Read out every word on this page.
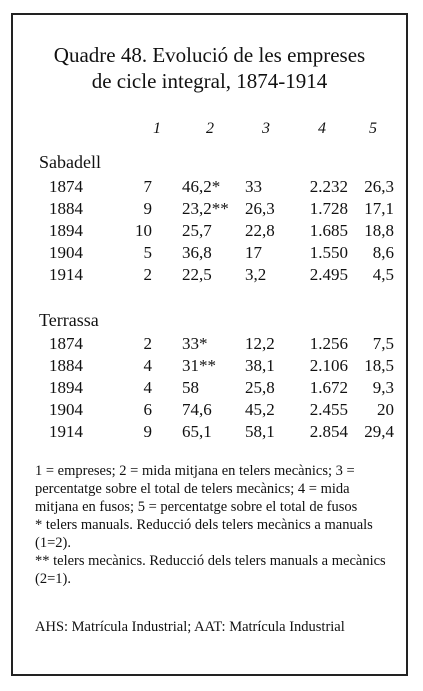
Quadre 48. Evolució de les empreses
de cicle integral, 1874-1914
1	2	3	4	5
Sabadell
1874	7 46,2* 33	2.232 26,3
1884	9 23,2** 26,3 1.728 17,1
1894	10 25,7 22,8 1.685 18,8
1904	5 36,8 17	1.550 8,6
1914	2 22,5 3,2	2.495 4,5
Terrassa
1874	2 33* 12,2 1.256 7,5
1884	4 31** 38,1 2.106 18,5
1894	4 58	25,8 1.672 9,3
1904	6 74,6 45,2 2.455 20
1914	9 65,1 58,1 2.854 29,4

1 = empreses; 2 = mida mitjana en telers mecànics; 3 = percentatge sobre el total de telers mecànics; 4 = mida mitjana en fusos; 5 = percentatge sobre el total de fusos

* telers manuals. Reducció dels telers mecànics a manuals (1=2).

** telers mecànics. Reducció dels telers manuals a mecànics (2=1).

AHS: Matrícula Industrial; AAT: Matrícula Industrial
